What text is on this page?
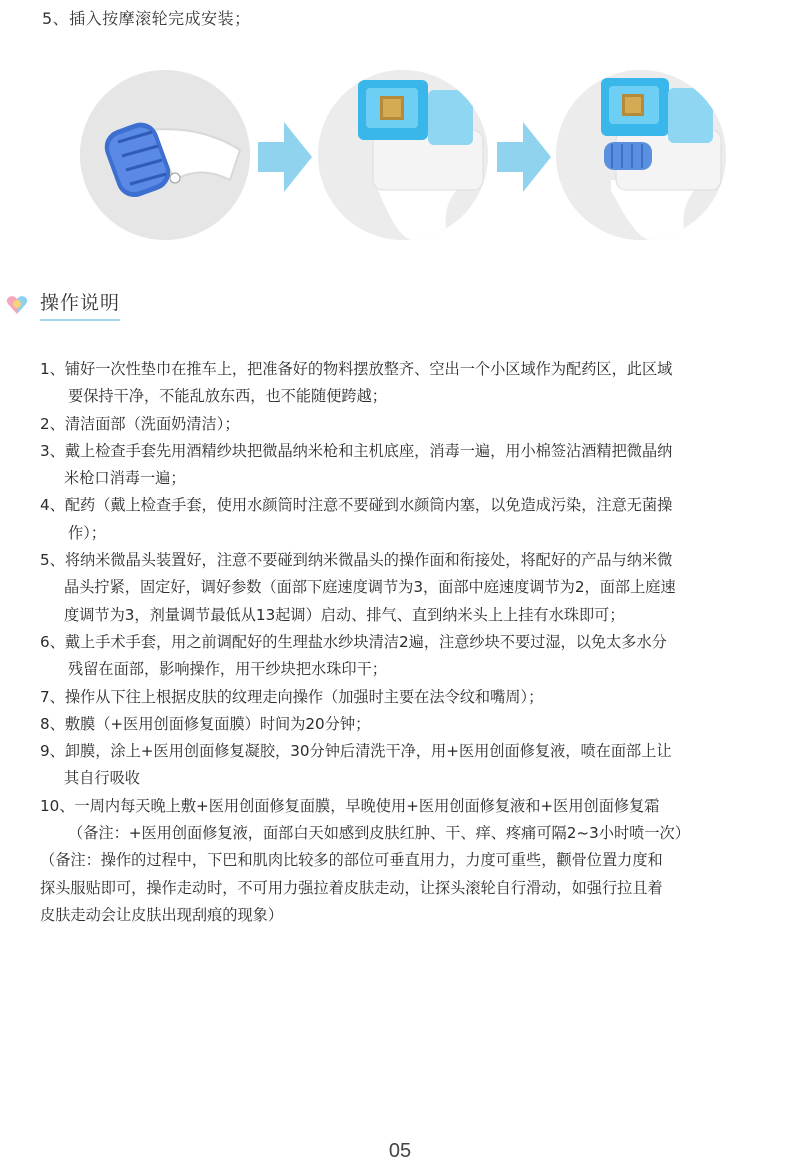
5、插入按摩滚轮完成安装；
操作说明

1、铺好一次性垫巾在推车上，把准备好的物料摆放整齐、空出一个小区域作为配药区，此区域

要保持干净，不能乱放东西，也不能随便跨越；

2、清洁面部（洗面奶清洁）；

3、戴上检查手套先用酒精纱块把微晶纳米枪和主机底座，消毒一遍，用小棉签沾酒精把微晶纳

米枪口消毒一遍；

4、配药（戴上检查手套，使用水颜筒时注意不要碰到水颜筒内塞，以免造成污染，注意无菌操

作）；

5、将纳米微晶头装置好，注意不要碰到纳米微晶头的操作面和衔接处，将配好的产品与纳米微

晶头拧紧，固定好，调好参数（面部下庭速度调节为3，面部中庭速度调节为2，面部上庭速

度调节为3，剂量调节最低从13起调）启动、排气、直到纳米头上上挂有水珠即可；

6、戴上手术手套，用之前调配好的生理盐水纱块清洁2遍，注意纱块不要过湿，以免太多水分

残留在面部，影响操作，用干纱块把水珠印干；

7、操作从下往上根据皮肤的纹理走向操作（加强时主要在法令纹和嘴周）；

8、敷膜（+医用创面修复面膜）时间为20分钟；

9、卸膜，涂上+医用创面修复凝胶，30分钟后清洗干净，用+医用创面修复液，喷在面部上让

其自行吸收

10、一周内每天晚上敷+医用创面修复面膜，早晚使用+医用创面修复液和+医用创面修复霜

（备注：+医用创面修复液，面部白天如感到皮肤红肿、干、痒、疼痛可隔2~3小时喷一次）

（备注：操作的过程中，下巴和肌肉比较多的部位可垂直用力，力度可重些，颧骨位置力度和

探头服贴即可，操作走动时，不可用力强拉着皮肤走动，让探头滚轮自行滑动，如强行拉且着

皮肤走动会让皮肤出现刮痕的现象）

05
